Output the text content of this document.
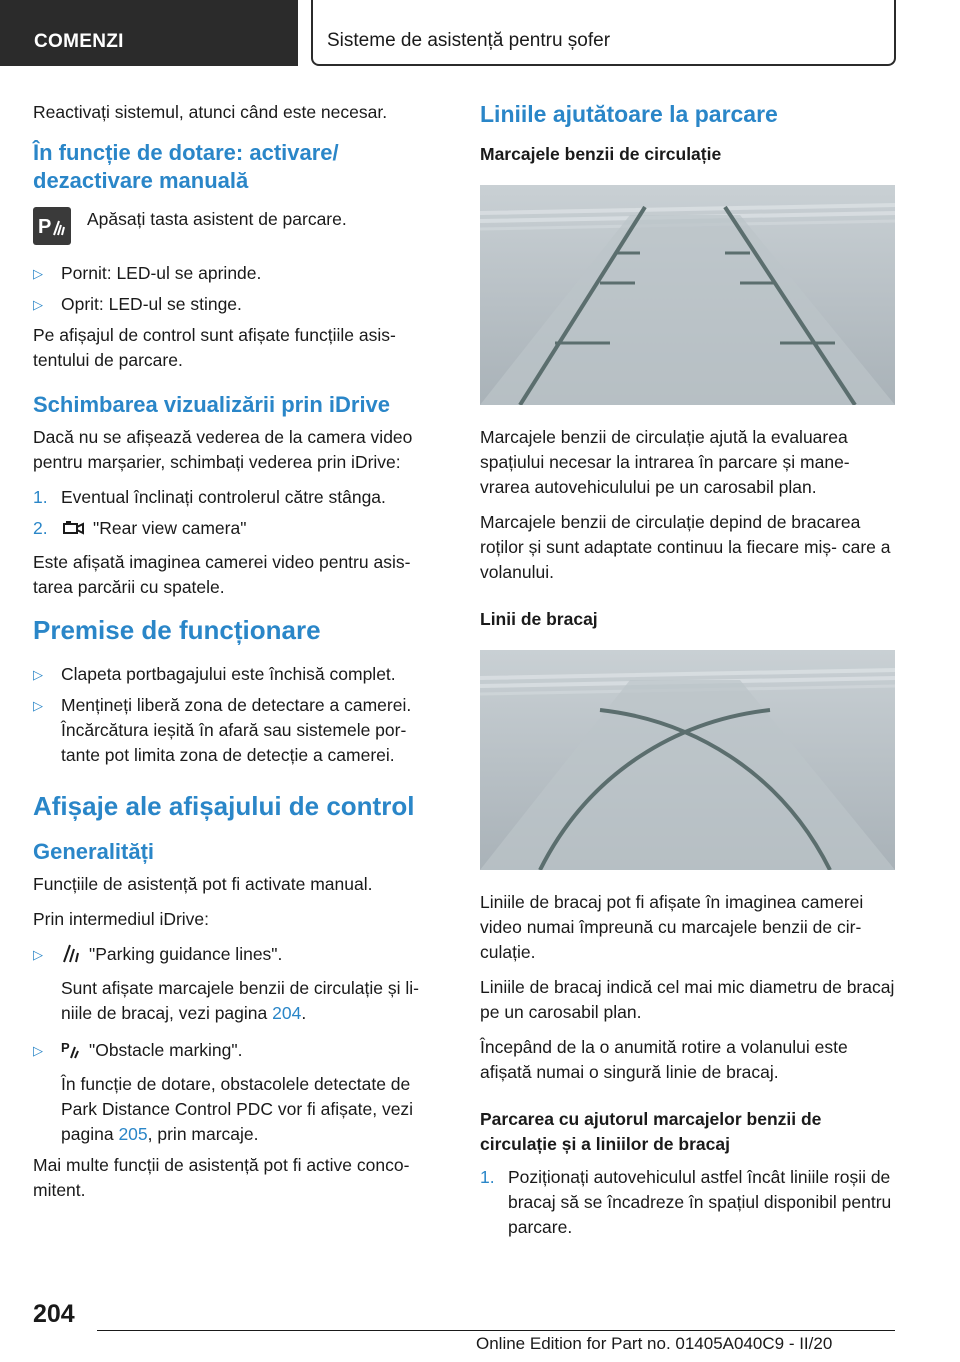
COMENZI	Sisteme de asistență pentru șofer

Reactivați sistemul, atunci când este necesar.

În funcție de dotare: activare/ dezactivare manuală
P Apăsați tasta asistent de parcare.
▷ Pornit: LED-ul se aprinde.
▷ Oprit: LED-ul se stinge.

Pe afișajul de control sunt afișate funcțiile asis- tentului de parcare.

Schimbarea vizualizării prin iDrive

Dacă nu se afișează vederea de la camera video pentru marșarier, schimbați vederea prin iDrive:

1. Eventual înclinați controlerul către stânga.
2.	"Rear view camera"

Este afișată imaginea camerei video pentru asis- tarea parcării cu spatele.

Premise de funcționare
▷ Clapeta portbagajului este închisă complet.
▷ Mențineți liberă zona de detectare a camerei. Încărcătura ieșită în afară sau sistemele por- tante pot limita zona de detecție a camerei.
Afișaje ale afișajului de control
Generalități

Funcțiile de asistență pot fi activate manual.

Prin intermediul iDrive:

▷	"Parking guidance lines".
Sunt afișate marcajele benzii de circulație și li- niile de bracaj, vezi pagina 204.
▷ P "Obstacle marking".
În funcție de dotare, obstacolele detectate de Park Distance Control PDC vor fi afișate, vezi pagina 205, prin marcaje.

Mai multe funcții de asistență pot fi active conco- mitent.

Liniile ajutătoare la parcare
Marcajele benzii de circulație

Marcajele benzii de circulație ajută la evaluarea spațiului necesar la intrarea în parcare și mane- vrarea autovehiculului pe un carosabil plan.

Marcajele benzii de circulație depind de bracarea roților și sunt adaptate continuu la fiecare miș- care a volanului.

Linii de bracaj

Liniile de bracaj pot fi afișate în imaginea camerei video numai împreună cu marcajele benzii de cir- culație.

Liniile de bracaj indică cel mai mic diametru de bracaj pe un carosabil plan.

Începând de la o anumită rotire a volanului este afișată numai o singură linie de bracaj.

Parcarea cu ajutorul marcajelor benzii de circulație și a liniilor de bracaj
1. Poziționați autovehiculul astfel încât liniile roșii de bracaj să se încadreze în spațiul disponibil pentru parcare.
204
Online Edition for Part no. 01405A040C9 - II/20
